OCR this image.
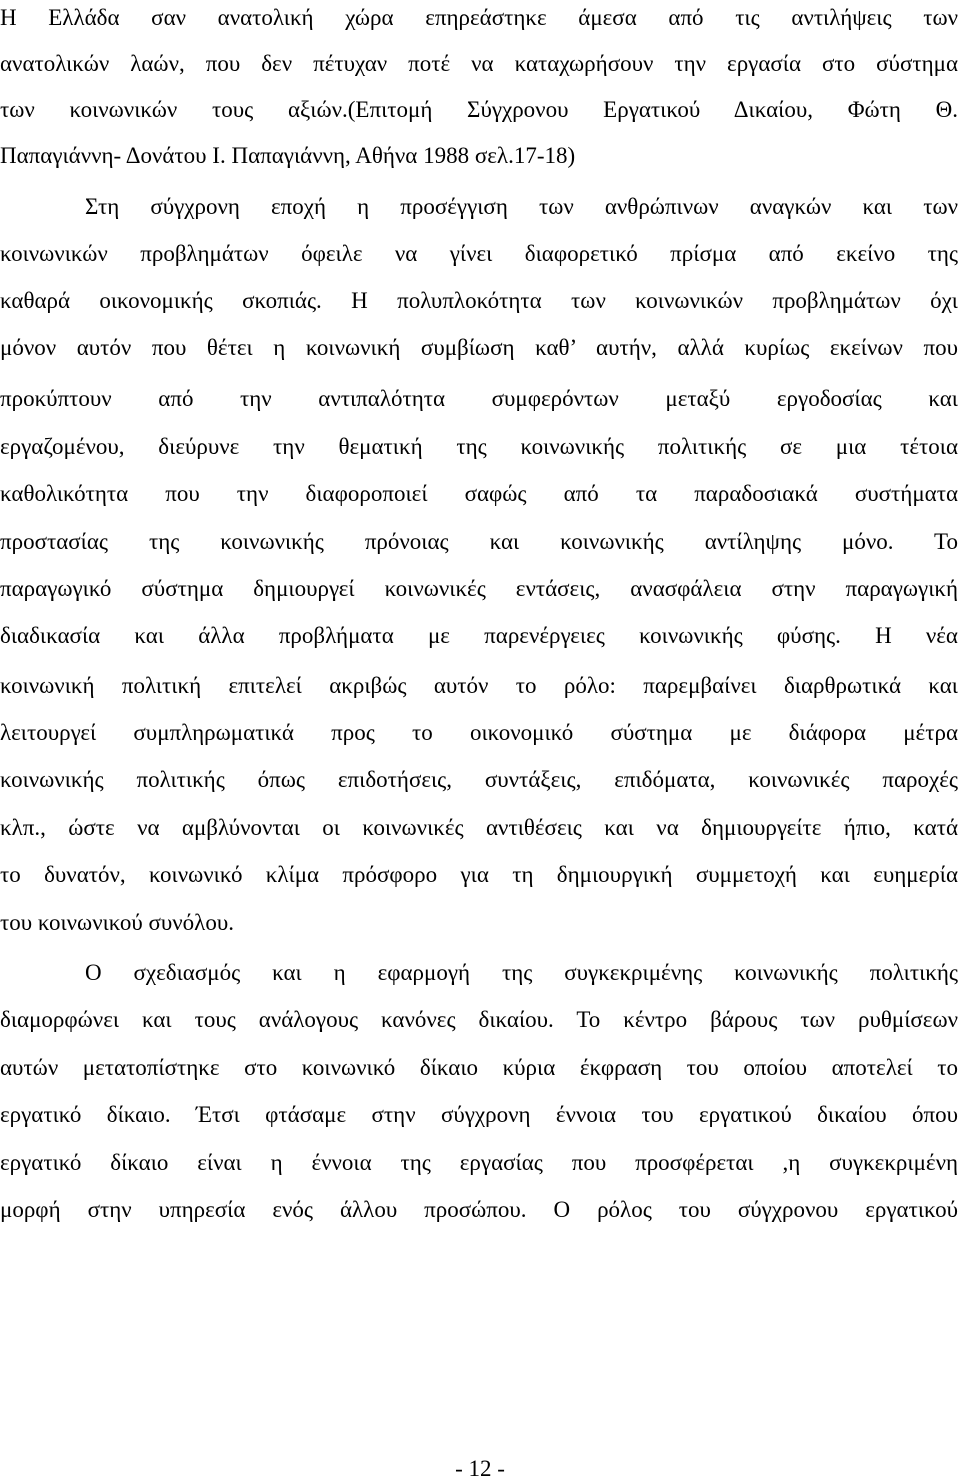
Η Ελλάδα σαν ανατολική χώρα επηρεάστηκε άμεσα από τις αντιλήψεις των
ανατολικών λαών, που δεν πέτυχαν ποτέ να καταχωρήσουν την εργασία στο σύστημα
των κοινωνικών τους αξιών.(Επιτομή Σύγχρονου Εργατικού Δικαίου, Φώτη Θ.
Παπαγιάννη- Δονάτου Ι. Παπαγιάννη, Αθήνα 1988 σελ.17-18)
Στη σύγχρονη εποχή η προσέγγιση των ανθρώπινων αναγκών και των
κοινωνικών προβλημάτων όφειλε να γίνει διαφορετικό πρίσμα από εκείνο της
καθαρά οικονομικής σκοπιάς. Η πολυπλοκότητα των κοινωνικών προβλημάτων όχι
μόνον αυτόν που θέτει η κοινωνική συμβίωση καθ’ αυτήν, αλλά κυρίως εκείνων που
προκύπτουν από την αντιπαλότητα συμφερόντων μεταξύ εργοδοσίας και
εργαζομένου, διεύρυνε την θεματική της κοινωνικής πολιτικής σε μια τέτοια
καθολικότητα που την διαφοροποιεί σαφώς από τα παραδοσιακά συστήματα
προστασίας της κοινωνικής πρόνοιας και κοινωνικής αντίληψης μόνο. Το
παραγωγικό σύστημα δημιουργεί κοινωνικές εντάσεις, ανασφάλεια στην παραγωγική
διαδικασία και άλλα προβλήματα με παρενέργειες κοινωνικής φύσης. Η νέα
κοινωνική πολιτική επιτελεί ακριβώς αυτόν το ρόλο: παρεμβαίνει διαρθρωτικά και
λειτουργεί συμπληρωματικά προς το οικονομικό σύστημα με διάφορα μέτρα
κοινωνικής πολιτικής όπως επιδοτήσεις, συντάξεις, επιδόματα, κοινωνικές παροχές
κλπ., ώστε να αμβλύνονται οι κοινωνικές αντιθέσεις και να δημιουργείτε ήπιο, κατά
το δυνατόν, κοινωνικό κλίμα πρόσφορο για τη δημιουργική συμμετοχή και ευημερία
του κοινωνικού συνόλου.
Ο σχεδιασμός και η εφαρμογή της συγκεκριμένης κοινωνικής πολιτικής
διαμορφώνει και τους ανάλογους κανόνες δικαίου. Το κέντρο βάρους των ρυθμίσεων
αυτών μετατοπίστηκε στο κοινωνικό δίκαιο κύρια έκφραση του οποίου αποτελεί το
εργατικό δίκαιο. Έτσι φτάσαμε στην σύγχρονη έννοια του εργατικού δικαίου όπου
εργατικό δίκαιο είναι η έννοια της εργασίας που προσφέρεται ,η συγκεκριμένη
μορφή στην υπηρεσία ενός άλλου προσώπου. Ο ρόλος του σύγχρονου εργατικού
- 12 -
